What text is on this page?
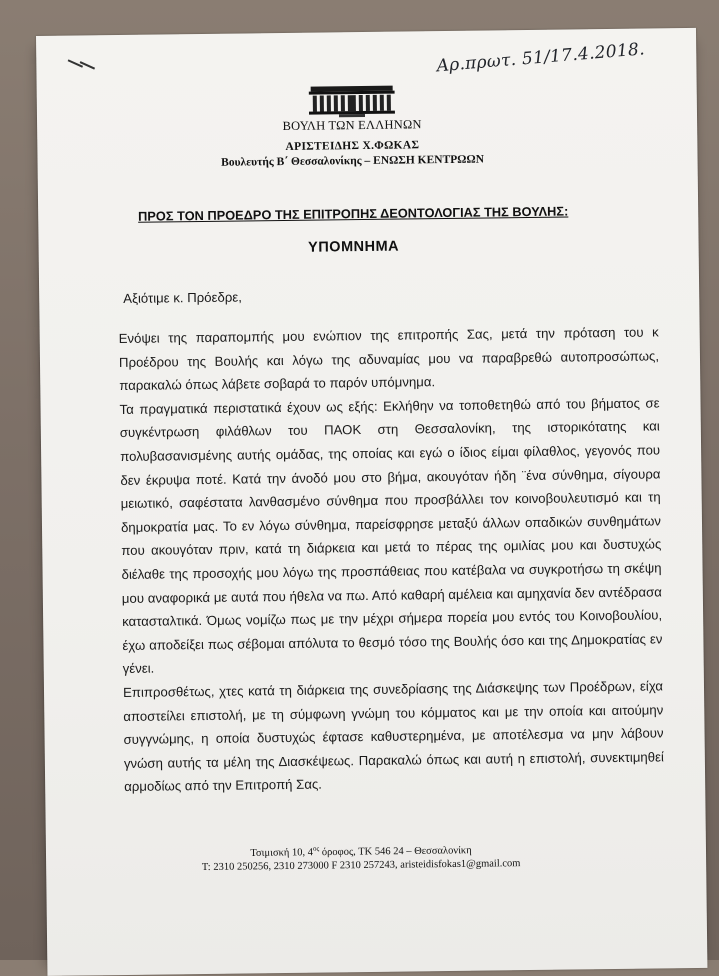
Αρ.πρωτ. 51/17.4.2018.
ΒΟΥΛΗ ΤΩΝ ΕΛΛΗΝΩΝ
ΑΡΙΣΤΕΙΔΗΣ Χ.ΦΩΚΑΣ
Βουλευτής Β΄ Θεσσαλονίκης – ΕΝΩΣΗ ΚΕΝΤΡΩΩΝ
ΠΡΟΣ ΤΟΝ ΠΡΟΕΔΡΟ ΤΗΣ ΕΠΙΤΡΟΠΗΣ ΔΕΟΝΤΟΛΟΓΙΑΣ ΤΗΣ ΒΟΥΛΗΣ:
ΥΠΟΜΝΗΜΑ
Αξιότιμε κ. Πρόεδρε,

Ενόψει της παραπομπής μου ενώπιον της επιτροπής Σας, μετά την πρόταση του κ Προέδρου της Βουλής και λόγω της αδυναμίας μου να παραβρεθώ αυτοπροσώπως, παρακαλώ όπως λάβετε σοβαρά το παρόν υπόμνημα.

Τα πραγματικά περιστατικά έχουν ως εξής: Εκλήθην να τοποθετηθώ από του βήματος σε συγκέντρωση φιλάθλων του ΠΑΟΚ στη Θεσσαλονίκη, της ιστορικότατης και πολυβασανισμένης αυτής ομάδας, της οποίας και εγώ ο ίδιος είμαι φίλαθλος, γεγονός που δεν έκρυψα ποτέ. Κατά την άνοδό μου στο βήμα, ακουγόταν ήδη ¨ένα σύνθημα, σίγουρα μειωτικό, σαφέστατα λανθασμένο σύνθημα που προσβάλλει τον κοινοβουλευτισμό και τη δημοκρατία μας. Το εν λόγω σύνθημα, παρείσφρησε μεταξύ άλλων οπαδικών συνθημάτων που ακουγόταν πριν, κατά τη διάρκεια και μετά το πέρας της ομιλίας μου και δυστυχώς διέλαθε της προσοχής μου λόγω της προσπάθειας που κατέβαλα να συγκροτήσω τη σκέψη μου αναφορικά με αυτά που ήθελα να πω. Από καθαρή αμέλεια και αμηχανία δεν αντέδρασα κατασταλτικά. Όμως νομίζω πως με την μέχρι σήμερα πορεία μου εντός του Κοινοβουλίου, έχω αποδείξει πως σέβομαι απόλυτα το θεσμό τόσο της Βουλής όσο και της Δημοκρατίας εν γένει.

Επιπροσθέτως, χτες κατά τη διάρκεια της συνεδρίασης της Διάσκεψης των Προέδρων, είχα αποστείλει επιστολή, με τη σύμφωνη γνώμη του κόμματος και με την οποία και αιτούμην συγγνώμης, η οποία δυστυχώς έφτασε καθυστερημένα, με αποτέλεσμα να μην λάβουν γνώση αυτής τα μέλη της Διασκέψεως. Παρακαλώ όπως και αυτή η επιστολή, συνεκτιμηθεί αρμοδίως από την Επιτροπή Σας.

Τσιμισκή 10, $4^{o\varsigma}$ όροφος, ΤΚ 546 24 – Θεσσαλονίκη
Τ: 2310 250256, 2310 273000 F 2310 257243, aristeidisfokas1@gmail.com
